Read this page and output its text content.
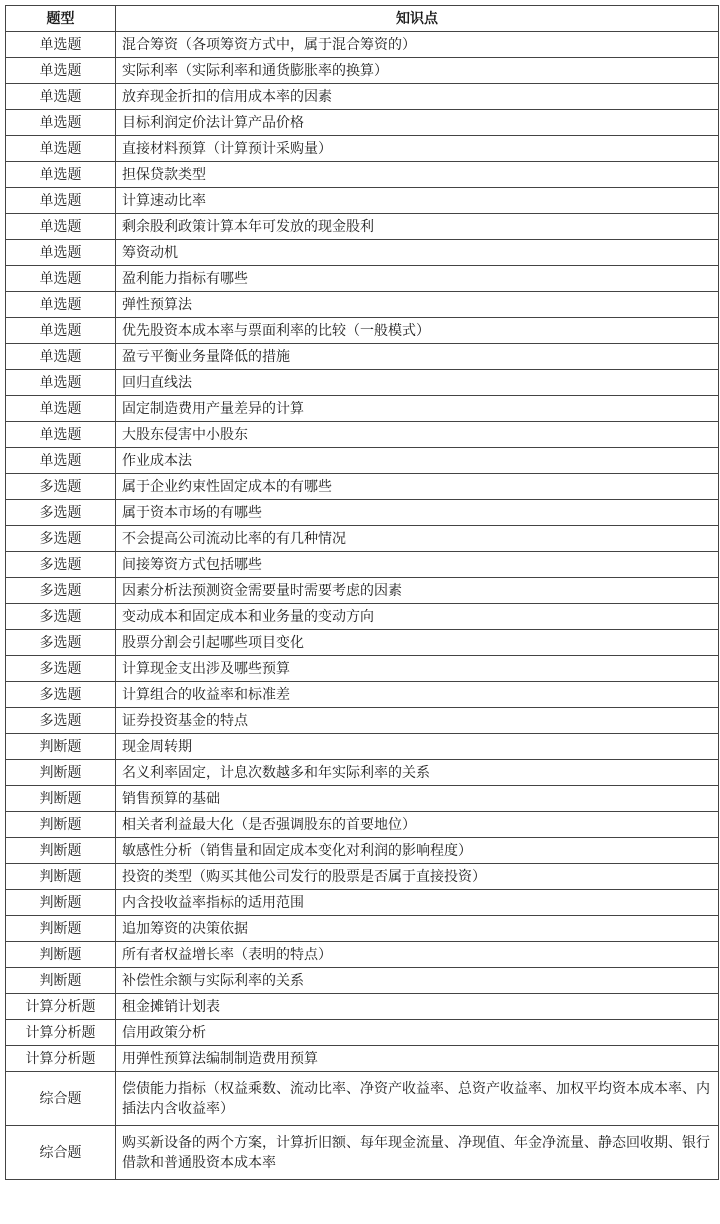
题型	知识点
单选题	混合筹资（各项筹资方式中，属于混合筹资的）
单选题	实际利率（实际利率和通货膨胀率的换算）
单选题	放弃现金折扣的信用成本率的因素
单选题	目标利润定价法计算产品价格
单选题	直接材料预算（计算预计采购量）
单选题	担保贷款类型
单选题	计算速动比率
单选题	剩余股利政策计算本年可发放的现金股利
单选题	筹资动机
单选题	盈利能力指标有哪些
单选题	弹性预算法
单选题	优先股资本成本率与票面利率的比较（一般模式）
单选题	盈亏平衡业务量降低的措施
单选题	回归直线法
单选题	固定制造费用产量差异的计算
单选题	大股东侵害中小股东
单选题	作业成本法
多选题	属于企业约束性固定成本的有哪些
多选题	属于资本市场的有哪些
多选题	不会提高公司流动比率的有几种情况
多选题	间接筹资方式包括哪些
多选题	因素分析法预测资金需要量时需要考虑的因素
多选题	变动成本和固定成本和业务量的变动方向
多选题	股票分割会引起哪些项目变化
多选题	计算现金支出涉及哪些预算
多选题	计算组合的收益率和标准差
多选题	证券投资基金的特点
判断题	现金周转期
判断题	名义利率固定，计息次数越多和年实际利率的关系
判断题	销售预算的基础
判断题	相关者利益最大化（是否强调股东的首要地位）
判断题	敏感性分析（销售量和固定成本变化对利润的影响程度）
判断题	投资的类型（购买其他公司发行的股票是否属于直接投资）
判断题	内含投收益率指标的适用范围
判断题	追加筹资的决策依据
判断题	所有者权益增长率（表明的特点）
判断题	补偿性余额与实际利率的关系
计算分析题	租金摊销计划表
计算分析题	信用政策分析
计算分析题	用弹性预算法编制制造费用预算
综合题	偿债能力指标（权益乘数、流动比率、净资产收益率、总资产收益率、加权平均资本成本率、内插法内含收益率）
综合题	购买新设备的两个方案，计算折旧额、每年现金流量、净现值、年金净流量、静态回收期、银行借款和普通股资本成本率
